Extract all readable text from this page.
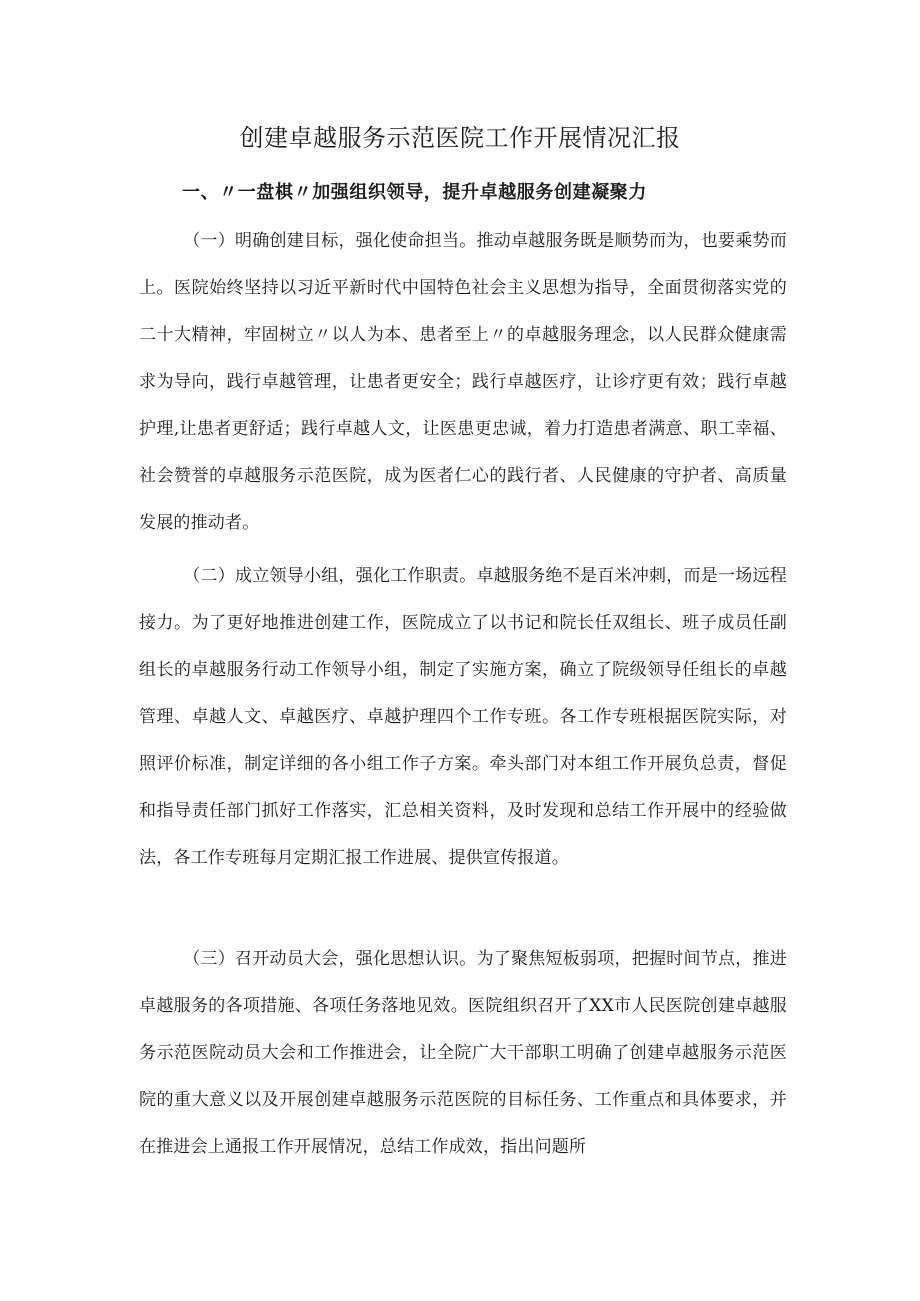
创建卓越服务示范医院工作开展情况汇报
一、〃一盘棋〃加强组织领导，提升卓越服务创建凝聚力

（一）明确创建目标，强化使命担当。推动卓越服务既是顺势而为，也要乘势而上。医院始终坚持以习近平新时代中国特色社会主义思想为指导，全面贯彻落实党的二十大精神，牢固树立〃以人为本、患者至上〃的卓越服务理念，以人民群众健康需求为导向，践行卓越管理，让患者更安全；践行卓越医疗，让诊疗更有效；践行卓越护理,让患者更舒适；践行卓越人文，让医患更忠诚，着力打造患者满意、职工幸福、社会赞誉的卓越服务示范医院，成为医者仁心的践行者、人民健康的守护者、高质量发展的推动者。

（二）成立领导小组，强化工作职责。卓越服务绝不是百米冲刺，而是一场远程接力。为了更好地推进创建工作，医院成立了以书记和院长任双组长、班子成员任副组长的卓越服务行动工作领导小组，制定了实施方案，确立了院级领导任组长的卓越管理、卓越人文、卓越医疗、卓越护理四个工作专班。各工作专班根据医院实际，对照评价标准，制定详细的各小组工作子方案。牵头部门对本组工作开展负总责，督促和指导责任部门抓好工作落实，汇总相关资料，及时发现和总结工作开展中的经验做法，各工作专班每月定期汇报工作进展、提供宣传报道。

（三）召开动员大会，强化思想认识。为了聚焦短板弱项，把握时间节点，推进卓越服务的各项措施、各项任务落地见效。医院组织召开了XX市人民医院创建卓越服务示范医院动员大会和工作推进会，让全院广大干部职工明确了创建卓越服务示范医院的重大意义以及开展创建卓越服务示范医院的目标任务、工作重点和具体要求，并在推进会上通报工作开展情况，总结工作成效，指出问题所
